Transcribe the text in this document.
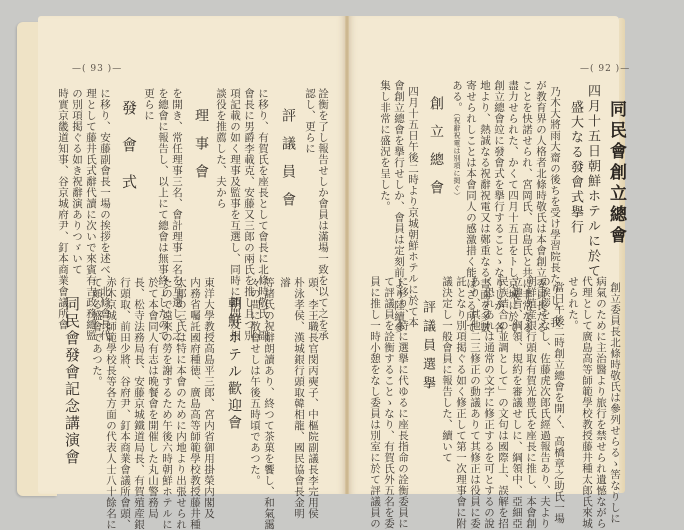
—( 93 )—
詮衡を了し報告せしか會員は滿場一致を以て之を承
認し、更らに
評議員會
に移り、有賀氏を座長として會長に北條時敬氏、副
會長に男爵李載克、安藤又三郎の兩氏を推し且つ別
項記載の如く理事及監事を互選し、同時に顧問及相
談役を推薦した、夫から
理事會
を開き、常任理事三名、會計理事二名を互選し、之
を總會に報告し、以上にて總會は無事終了したので
更らに
發會式
に移り、安藤副會長一場の挨拶を述べ、北條會長代
理として藤井氏式辭代讀に次いで來賓有吉政務總監
の別項掲ぐる如き祝辭演ありつゞいて
時實京畿道知事、谷京城府尹、釘本商業會議所會
頭、李王職長官閔丙奭子、中樞院副議長李完用侯
朴泳孝侯、漢城銀行頭取韓相龍、國民協會長金明
濬
等諸氏の祝辭朗讀あり、終つて茶菓を饗し、和氣靄
々の間に散會せしは午後五時頃であつた。
朝鮮ホテル歡迎會
東洋大學教授高島平三郎、宮内省御用掛榮内閣及
内務省囑託國府種徳、廣島高等師範學校教授藤井種
太郎の三氏は特に本會のために内地より出張せられ
たので遠來の勞を謝するため午後六時朝鮮ホテルに
於て本會同人有志は晩餐會を開催した丸山警務局
長、松寺法務局長、安藤京城鐵道局長、有賀殖産銀
行頭取、前田少將、谷府尹、釘本商業會議所會頭、
赤木京城師範學校長等各方面の代表人士八十餘名に
て頗る盛會であつた。
同民會發會記念講演會
—( 92 )—
同民會創立總會
四月十五日朝鮮ホテルに於て
盛大なる發會式擧行
乃木大將雨大齋の後ちを受け學習院長たりし、我
が教育界の人格者北條時敬氏は本會創立委員長たる
ことを快諾せられ、宮岡氏、高島氏と共に非常なる
盡力せられた、かくて四月十五日をトし京城に於て
創立總會竝に發會式を擧行することゝなりしが、各
地より、熱誠なる祝辭祝電又は鄭重なる書面を多數
寄せられしことは本會同人の感激措く能はざる所で
ある。（祝辭祝電は別項に掲ぐ）
創立總會
四月十五日午後二時より京城朝鮮ホテルに於て本
會創立總會を擧行せしか、會員は定刻前より陸續參
集し非常に盛況を呈した。
創立委員長北條時敬氏は參列せらるゝ筈なりしに
病氣のために主治醫より旅行を禁せられ遺憾ながら
代理として廣島高等師範學校教授藤井種太郎氏來城
せられた。
當日午後二時創立總會を開く、高橋章之助氏一場
の挨拶をなし、佐藤虎次郎氏經過報告あり、夫より
朝鮮殖産銀行頭取有賀光豊氏を座長に推し、本會創
立趣旨、綱領、規約を審議せしに、綱領中、亞細亞
民族結合の並調として」の文句は國際上、誤解を招
く恐れあれは通常の文字に修正するを可とするの說
あり、其他二三修正の動議ありて其修正は役員に委
託となり別項掲ぐる如く修正して第一次理事會に附
議決定し一般會員に報告した、續いて
評議員選擧
に移り、特に選擧に代ゆるに座長指命の詮衡委員に
て評議員を詮衡することゝなり、有賀氏外五名を委
員に推し一時小憩をなし委員は別室に於て評議員の
